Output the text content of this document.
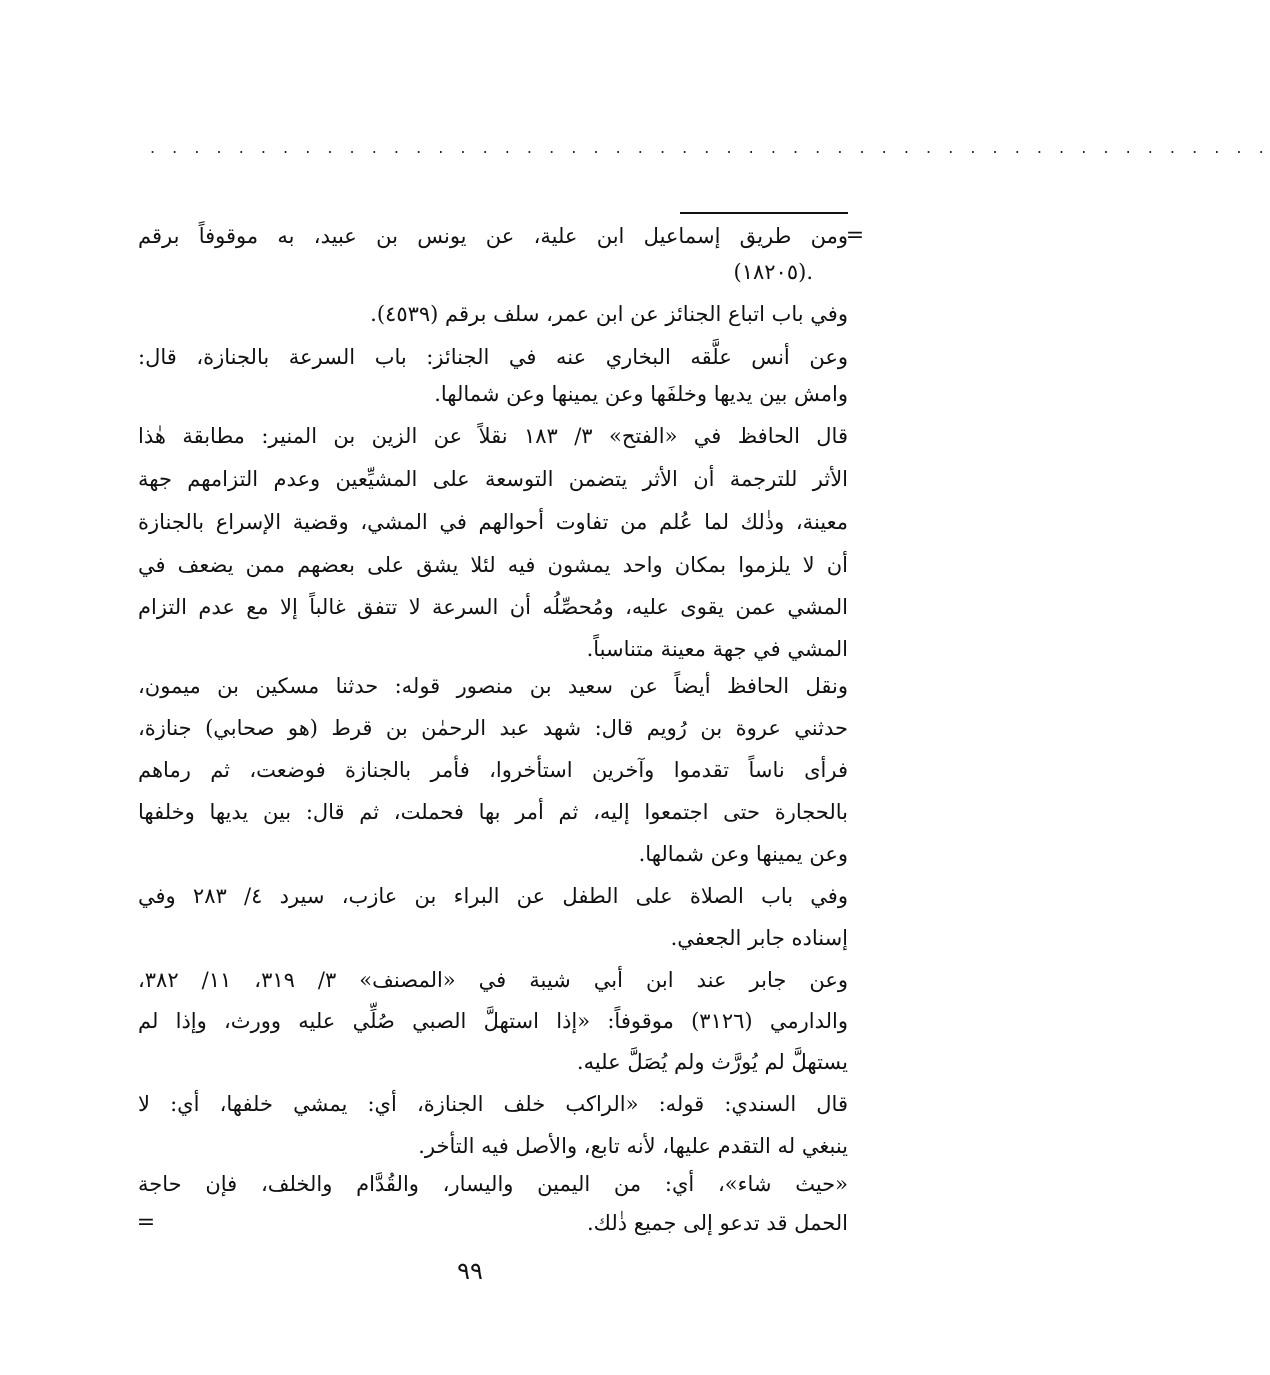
. . . . . . . . . . . . . . . . . . . . . . . . . . . . . . . . . . . . . . . . . . . . . . . . . . .
=
ومن طريق إسماعيل ابن علية، عن يونس بن عبيد، به موقوفاً برقم
(١٨٢٠٥).
وفي باب اتباع الجنائز عن ابن عمر، سلف برقم (٤٥٣٩).
وعن أنس علَّقه البخاري عنه في الجنائز: باب السرعة بالجنازة، قال:
وامش بين يديها وخلفَها وعن يمينها وعن شمالها.
قال الحافظ في «الفتح» ٣/ ١٨٣ نقلاً عن الزين بن المنير: مطابقة هٰذا
الأثر للترجمة أن الأثر يتضمن التوسعة على المشيِّعين وعدم التزامهم جهة
معينة، وذٰلك لما عُلم من تفاوت أحوالهم في المشي، وقضية الإسراع بالجنازة
أن لا يلزموا بمكان واحد يمشون فيه لئلا يشق على بعضهم ممن يضعف في
المشي عمن يقوى عليه، ومُحصِّلُه أن السرعة لا تتفق غالباً إلا مع عدم التزام
المشي في جهة معينة متناسباً.
ونقل الحافظ أيضاً عن سعيد بن منصور قوله: حدثنا مسكين بن ميمون،
حدثني عروة بن رُويم قال: شهد عبد الرحمٰن بن قرط (هو صحابي) جنازة،
فرأى ناساً تقدموا وآخرين استأخروا، فأمر بالجنازة فوضعت، ثم رماهم
بالحجارة حتى اجتمعوا إليه، ثم أمر بها فحملت، ثم قال: بين يديها وخلفها
وعن يمينها وعن شمالها.
وفي باب الصلاة على الطفل عن البراء بن عازب، سيرد ٤/ ٢٨٣ وفي
إسناده جابر الجعفي.
وعن جابر عند ابن أبي شيبة في «المصنف» ٣/ ٣١٩، ١١/ ٣٨٢،
والدارمي (٣١٢٦) موقوفاً: «إذا استهلَّ الصبي صُلِّي عليه وورث، وإذا لم
يستهلَّ لم يُورَّث ولم يُصَلَّ عليه.
قال السندي: قوله: «الراكب خلف الجنازة، أي: يمشي خلفها، أي: لا
ينبغي له التقدم عليها، لأنه تابع، والأصل فيه التأخر.
«حيث شاء»، أي: من اليمين واليسار، والقُدَّام والخلف، فإن حاجة
الحمل قد تدعو إلى جميع ذٰلك.
=
٩٩
